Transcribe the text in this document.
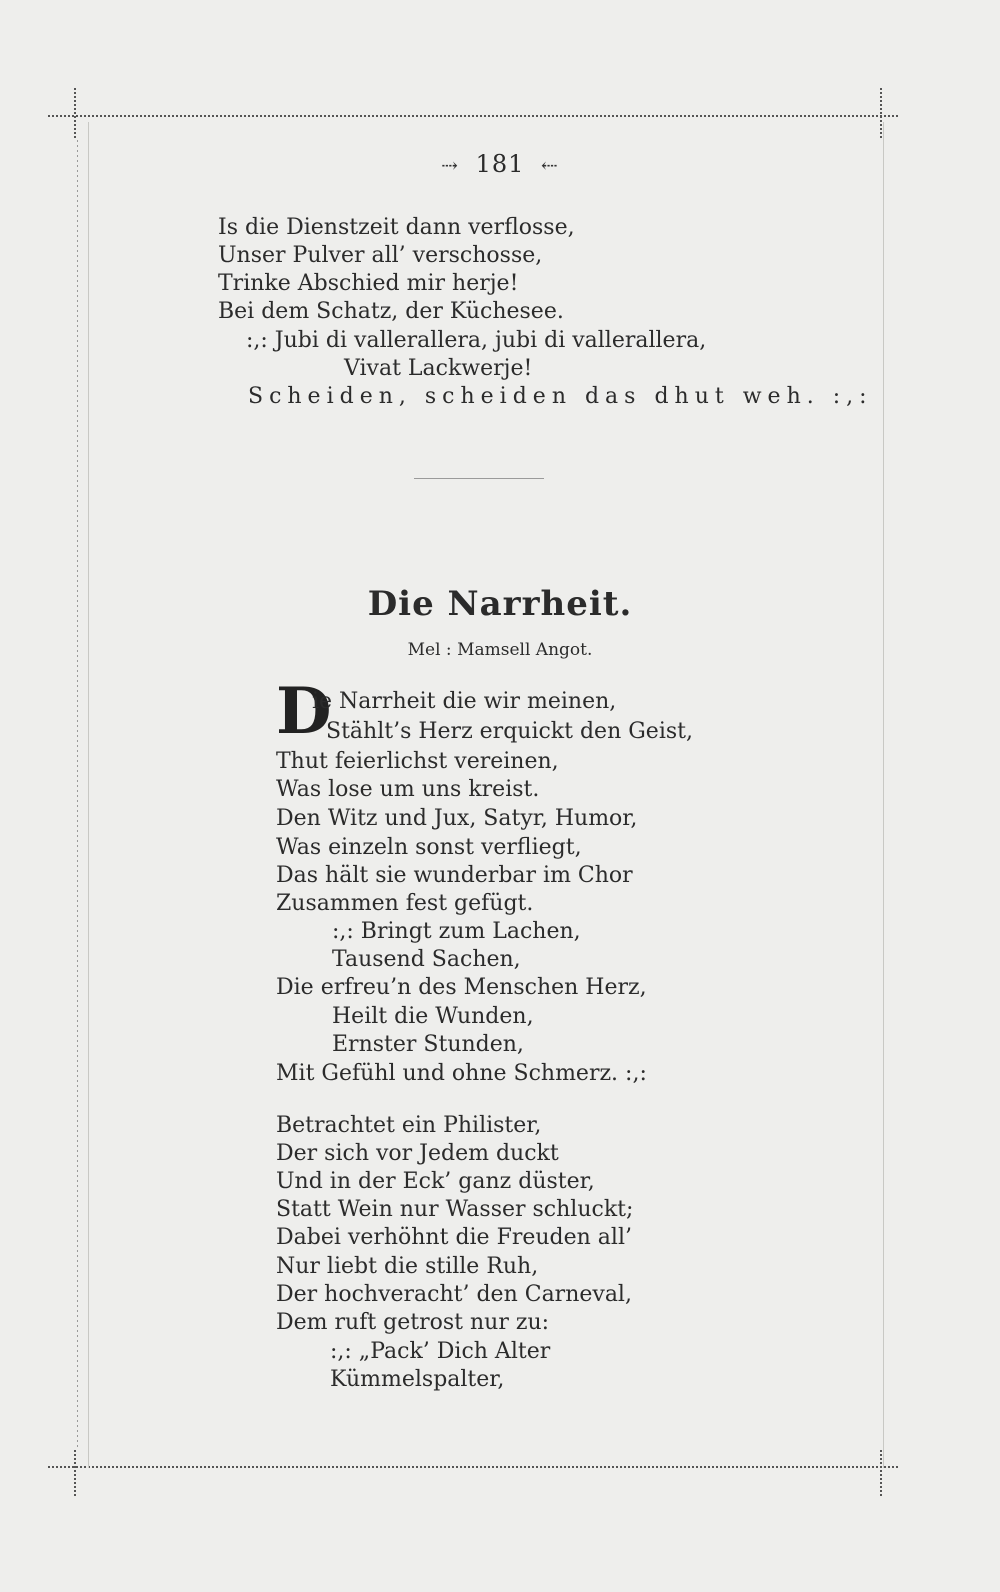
⇢ 181 ⇠
Is die Dienstzeit dann verflosse,
Unser Pulver all’ verschosse,
Trinke Abschied mir herje!
Bei dem Schatz, der Küchesee.
:,: Jubi di vallerallera, jubi di vallerallera,
Vivat Lackwerje!
Scheiden, scheiden das dhut weh. :,:
Die Narrheit.
Mel : Mamsell Angot.
D
ie Narrheit die wir meinen,
Stählt’s Herz erquickt den Geist,
Thut feierlichst vereinen,
Was lose um uns kreist.
Den Witz und Jux, Satyr, Humor,
Was einzeln sonst verfliegt,
Das hält sie wunderbar im Chor
Zusammen fest gefügt.
:,: Bringt zum Lachen,
Tausend Sachen,
Die erfreu’n des Menschen Herz,
Heilt die Wunden,
Ernster Stunden,
Mit Gefühl und ohne Schmerz. :,:
Betrachtet ein Philister,
Der sich vor Jedem duckt
Und in der Eck’ ganz düster,
Statt Wein nur Wasser schluckt;
Dabei verhöhnt die Freuden all’
Nur liebt die stille Ruh,
Der hochveracht’ den Carneval,
Dem ruft getrost nur zu:
:,: „Pack’ Dich Alter
Kümmelspalter,
